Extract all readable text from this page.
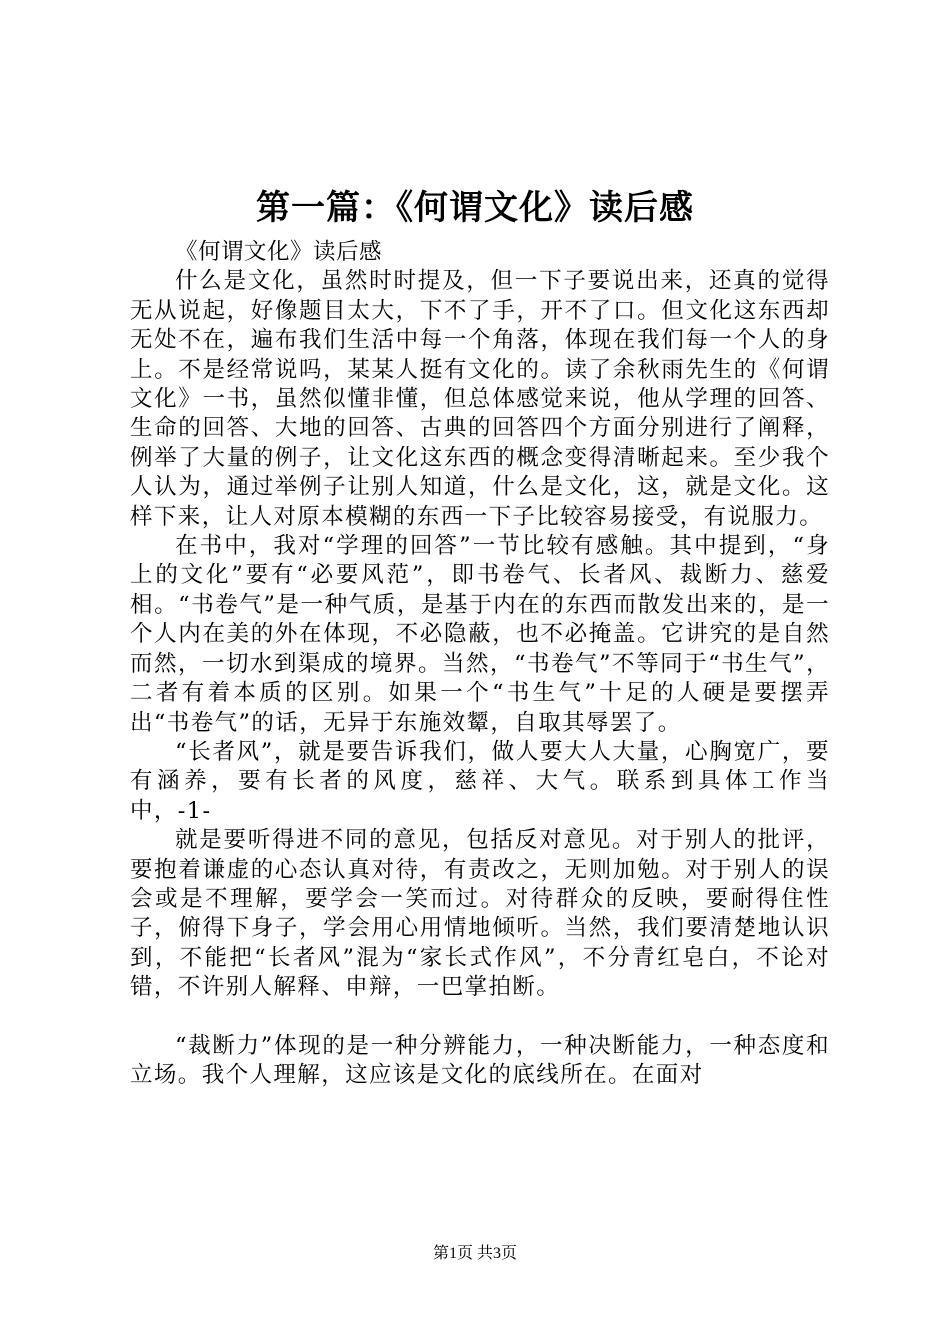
第一篇：《何谓文化》读后感

《何谓文化》读后感

什么是文化，虽然时时提及，但一下子要说出来，还真的觉得无从说起，好像题目太大，下不了手，开不了口。但文化这东西却无处不在，遍布我们生活中每一个角落，体现在我们每一个人的身上。不是经常说吗，某某人挺有文化的。读了余秋雨先生的《何谓文化》一书，虽然似懂非懂，但总体感觉来说，他从学理的回答、生命的回答、大地的回答、古典的回答四个方面分别进行了阐释，例举了大量的例子，让文化这东西的概念变得清晰起来。至少我个人认为，通过举例子让别人知道，什么是文化，这，就是文化。这样下来，让人对原本模糊的东西一下子比较容易接受，有说服力。

在书中，我对“学理的回答”一节比较有感触。其中提到，“身上的文化”要有“必要风范”，即书卷气、长者风、裁断力、慈爱相。“书卷气”是一种气质，是基于内在的东西而散发出来的，是一个人内在美的外在体现，不必隐蔽，也不必掩盖。它讲究的是自然而然，一切水到渠成的境界。当然，“书卷气”不等同于“书生气”，二者有着本质的区别。如果一个“书生气”十足的人硬是要摆弄出“书卷气”的话，无异于东施效颦，自取其辱罢了。

“长者风”，就是要告诉我们，做人要大人大量，心胸宽广，要有涵养，要有长者的风度，慈祥、大气。联系到具体工作当中，-1-

就是要听得进不同的意见，包括反对意见。对于别人的批评，要抱着谦虚的心态认真对待，有责改之，无则加勉。对于别人的误会或是不理解，要学会一笑而过。对待群众的反映，要耐得住性子，俯得下身子，学会用心用情地倾听。当然，我们要清楚地认识到，不能把“长者风”混为“家长式作风”，不分青红皂白，不论对错，不许别人解释、申辩，一巴掌拍断。

“裁断力”体现的是一种分辨能力，一种决断能力，一种态度和立场。我个人理解，这应该是文化的底线所在。在面对

第1页 共3页
